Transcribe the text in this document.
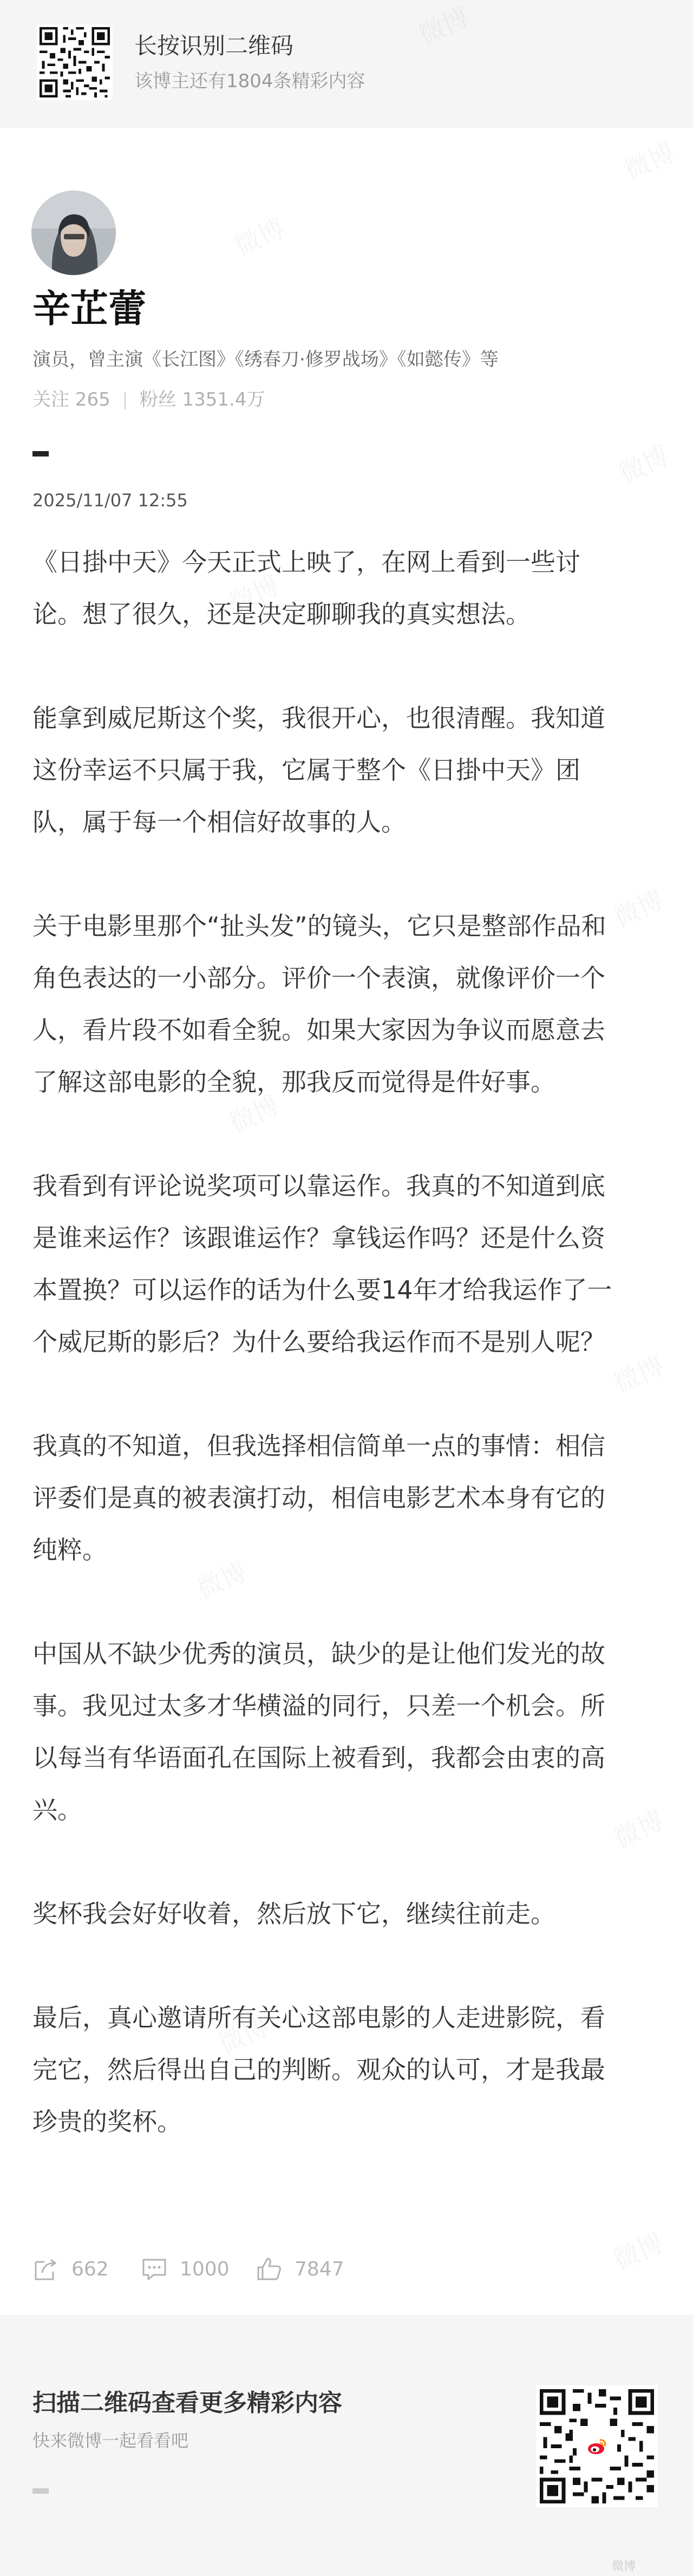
长按识别二维码
该博主还有1804条精彩内容
辛芷蕾
演员，曾主演《长江图》《绣春刀·修罗战场》《如懿传》等
关注 265 粉丝 1351.4万
2025/11/07 12:55

《日掛中天》今天正式上映了，在网上看到一些讨
论。想了很久，还是决定聊聊我的真实想法。

能拿到威尼斯这个奖，我很开心，也很清醒。我知道
这份幸运不只属于我，它属于整个《日掛中天》团
队，属于每一个相信好故事的人。

关于电影里那个“扯头发”的镜头，它只是整部作品和
角色表达的一小部分。评价一个表演，就像评价一个
人，看片段不如看全貌。如果大家因为争议而愿意去
了解这部电影的全貌，那我反而觉得是件好事。

我看到有评论说奖项可以靠运作。我真的不知道到底
是谁来运作？该跟谁运作？拿钱运作吗？还是什么资
本置换？可以运作的话为什么要14年才给我运作了一
个威尼斯的影后？为什么要给我运作而不是别人呢？

我真的不知道，但我选择相信简单一点的事情：相信
评委们是真的被表演打动，相信电影艺术本身有它的
纯粹。

中国从不缺少优秀的演员，缺少的是让他们发光的故
事。我见过太多才华横溢的同行，只差一个机会。所
以每当有华语面孔在国际上被看到，我都会由衷的高
兴。

奖杯我会好好收着，然后放下它，继续往前走。

最后，真心邀请所有关心这部电影的人走进影院，看
完它，然后得出自己的判断。观众的认可，才是我最
珍贵的奖杯。

662	1000	7847
扫描二维码查看更多精彩内容
快来微博一起看看吧
微博
